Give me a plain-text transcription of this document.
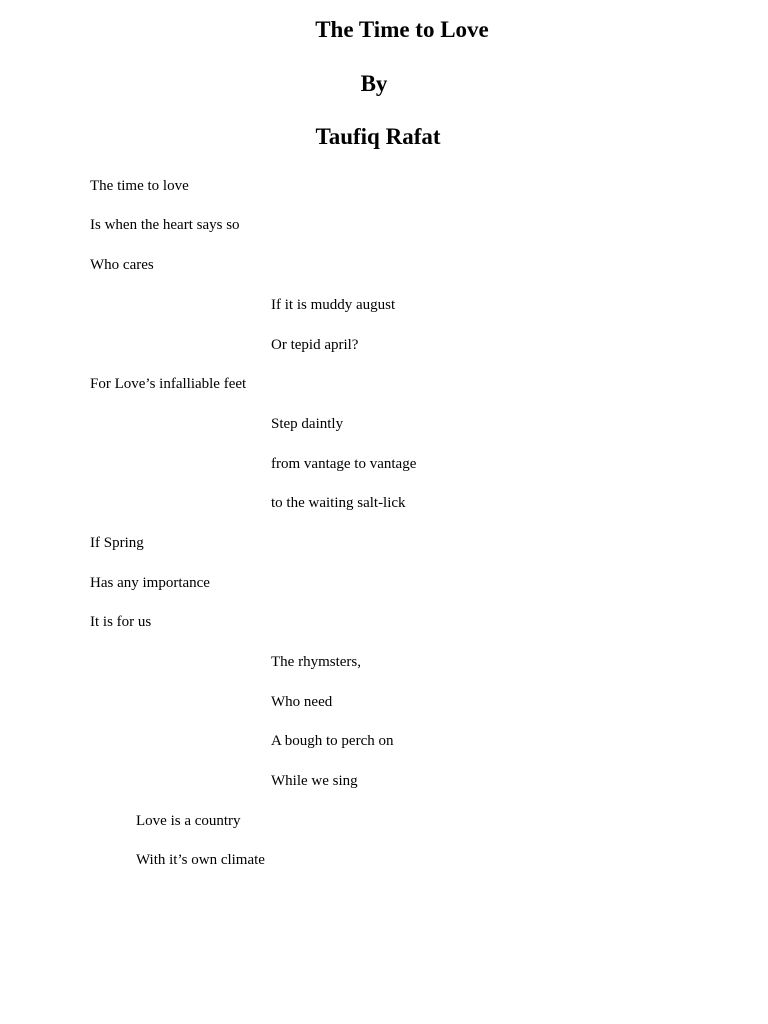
The Time to Love
By
Taufiq Rafat

The time to love

Is when the heart says so

Who cares

If it is muddy august

Or tepid april?

For Love’s infalliable feet

Step daintly

from vantage to vantage

to the waiting salt-lick

If Spring

Has any importance

It is for us

The rhymsters,

Who need

A bough to perch on

While we sing

Love is a country

With it’s own climate
